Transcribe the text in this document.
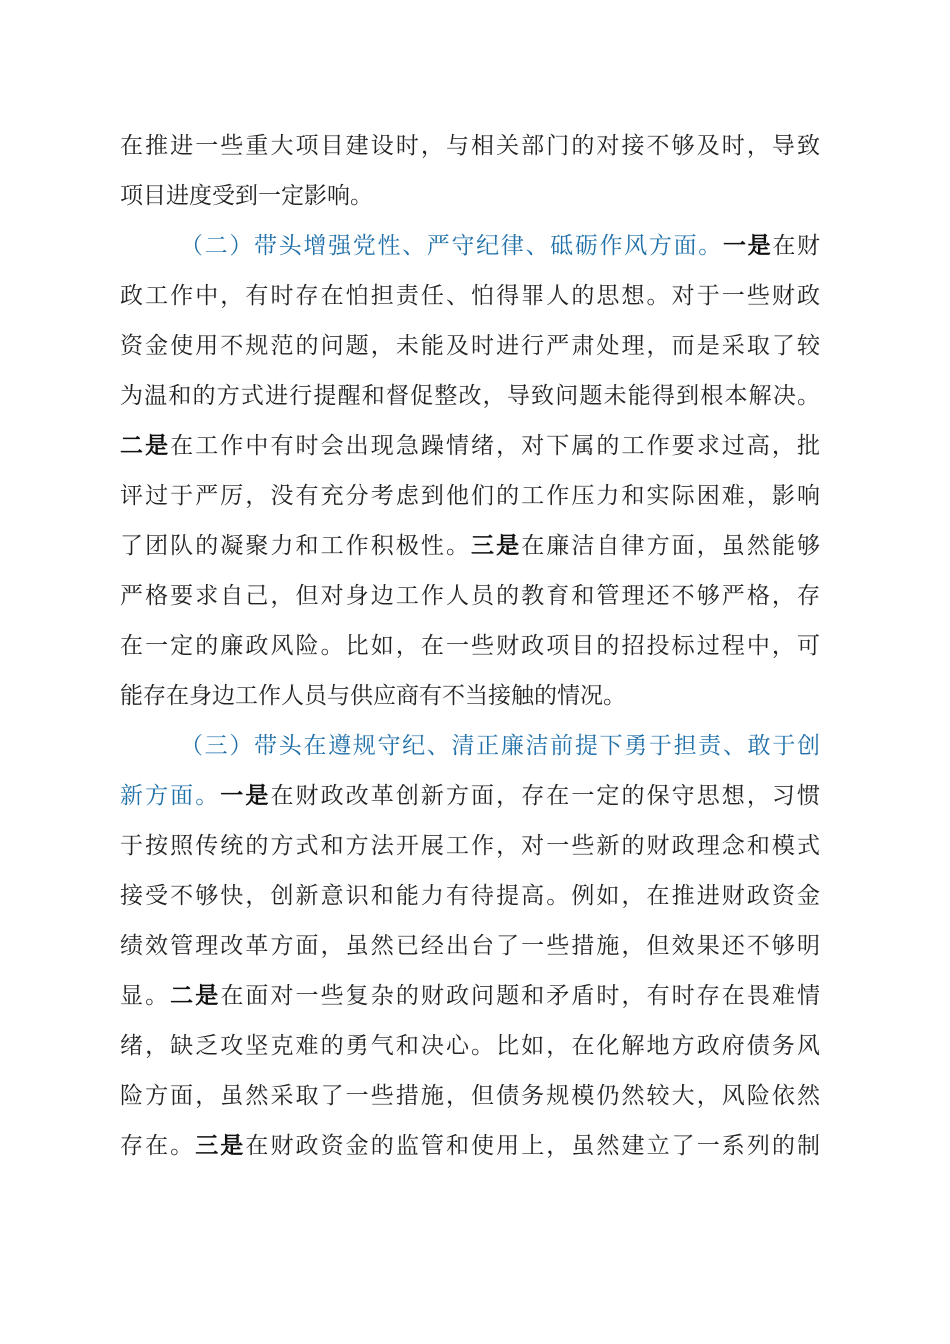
在推进一些重大项目建设时，与相关部门的对接不够及时，导致
项目进度受到一定影响。
（二）带头增强党性、严守纪律、砥砺作风方面。一是在财
政工作中，有时存在怕担责任、怕得罪人的思想。对于一些财政
资金使用不规范的问题，未能及时进行严肃处理，而是采取了较
为温和的方式进行提醒和督促整改，导致问题未能得到根本解决。
二是在工作中有时会出现急躁情绪，对下属的工作要求过高，批
评过于严厉，没有充分考虑到他们的工作压力和实际困难，影响
了团队的凝聚力和工作积极性。三是在廉洁自律方面，虽然能够
严格要求自己，但对身边工作人员的教育和管理还不够严格，存
在一定的廉政风险。比如，在一些财政项目的招投标过程中，可
能存在身边工作人员与供应商有不当接触的情况。
（三）带头在遵规守纪、清正廉洁前提下勇于担责、敢于创
新方面。一是在财政改革创新方面，存在一定的保守思想，习惯
于按照传统的方式和方法开展工作，对一些新的财政理念和模式
接受不够快，创新意识和能力有待提高。例如，在推进财政资金
绩效管理改革方面，虽然已经出台了一些措施，但效果还不够明
显。二是在面对一些复杂的财政问题和矛盾时，有时存在畏难情
绪，缺乏攻坚克难的勇气和决心。比如，在化解地方政府债务风
险方面，虽然采取了一些措施，但债务规模仍然较大，风险依然
存在。三是在财政资金的监管和使用上，虽然建立了一系列的制
